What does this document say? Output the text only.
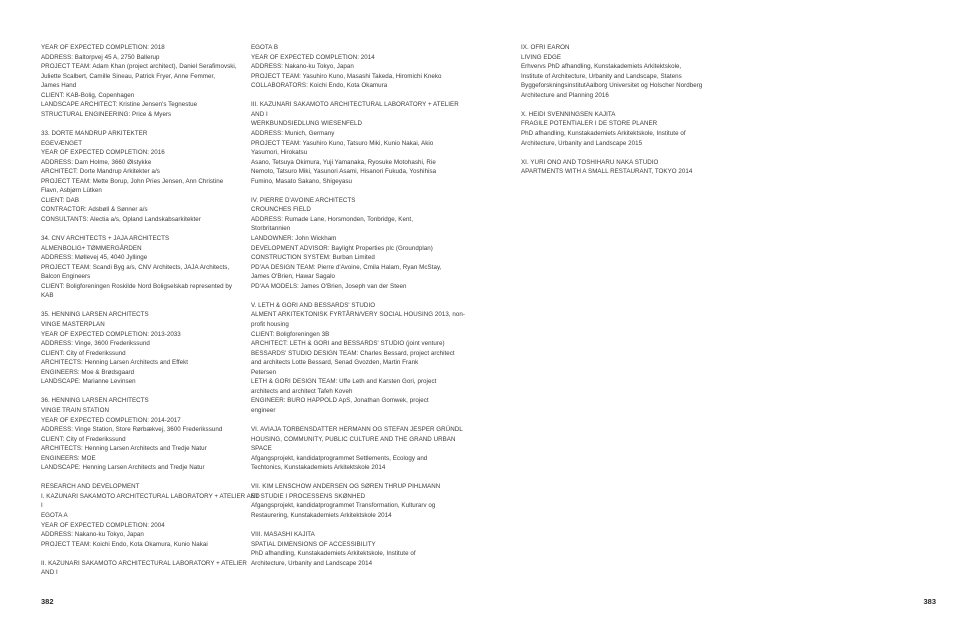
YEAR OF EXPECTED COMPLETION: 2018
ADDRESS: Baltorpvej 45 A, 2750 Ballerup
PROJECT TEAM: Adam Khan (project architect), Daniel Serafimovski,
Juliette Scalbert, Camille Sineau, Patrick Fryer, Anne Femmer,
James Hand
CLIENT: KAB-Bolig, Copenhagen
LANDSCAPE ARCHITECT: Kristine Jensen's Tegnestue
STRUCTURAL ENGINEERING: Price & Myers
33. DORTE MANDRUP ARKITEKTER
EGEVÆNGET
YEAR OF EXPECTED COMPLETION: 2016
ADDRESS: Dam Holme, 3660 Ølstykke
ARCHITECT: Dorte Mandrup Arkitekter a/s
PROJECT TEAM: Mette Borup, John Pries Jensen, Ann Christine
Flavn, Asbjørn Lütken
CLIENT: DAB
CONTRACTOR: Adsbøll & Sønner a/s
CONSULTANTS: Alectia a/s, Opland Landskabsarkitekter
34. CNV ARCHITECTS + JAJA ARCHITECTS
ALMENBOLIG+ TØMMERGÅRDEN
ADDRESS: Møllevej 45, 4040 Jyllinge
PROJECT TEAM: Scandi Byg a/s, CNV Architects, JAJA Architects,
Balcon Engineers
CLIENT: Boligforeningen Roskilde Nord Boligselskab represented by
KAB
35. HENNING LARSEN ARCHITECTS
VINGE MASTERPLAN
YEAR OF EXPECTED COMPLETION: 2013-2033
ADDRESS: Vinge, 3600 Frederikssund
CLIENT: City of Frederikssund
ARCHITECTS: Henning Larsen Architects and Effekt
ENGINEERS: Moe & Brødsgaard
LANDSCAPE: Marianne Levinsen
36. HENNING LARSEN ARCHITECTS
VINGE TRAIN STATION
YEAR OF EXPECTED COMPLETION: 2014-2017
ADDRESS: Vinge Station, Store Rørbækvej, 3600 Frederikssund
CLIENT: City of Frederikssund
ARCHITECTS: Henning Larsen Architects and Tredje Natur
ENGINEERS: MOE
LANDSCAPE: Henning Larsen Architects and Tredje Natur
RESEARCH AND DEVELOPMENT
I. KAZUNARI SAKAMOTO ARCHITECTURAL LABORATORY + ATELIER AND
I
EGOTA A
YEAR OF EXPECTED COMPLETION: 2004
ADDRESS: Nakano-ku Tokyo, Japan
PROJECT TEAM: Koichi Endo, Kota Okamura, Kunio Nakai
II. KAZUNARI SAKAMOTO ARCHITECTURAL LABORATORY + ATELIER
AND I
EGOTA B
YEAR OF EXPECTED COMPLETION: 2014
ADDRESS: Nakano-ku Tokyo, Japan
PROJECT TEAM: Yasuhiro Kuno, Masashi Takeda, Hiromichi Kneko
COLLABORATORS: Koichi Endo, Kota Okamura
III. KAZUNARI SAKAMOTO ARCHITECTURAL LABORATORY + ATELIER
AND I
WERKBUNDSIEDLUNG WIESENFELD
ADDRESS: Munich, Germany
PROJECT TEAM: Yasuhiro Kuno, Tatsuro Miki, Kunio Nakai, Akio
Yasumori, Hirokatsu
Asano, Tetsuya Okimura, Yuji Yamanaka, Ryosuke Motohashi, Rie
Nemoto, Tatsuro Miki, Yasunori Asami, Hisanori Fukuda, Yoshihisa
Fumino, Masato Sakano, Shigeyasu
IV. PIERRE D'AVOINE ARCHITECTS
CROUNCHES FIELD
ADDRESS: Rumade Lane, Horsmonden, Tonbridge, Kent,
Storbritannien
LANDOWNER: John Wickham
DEVELOPMENT ADVISOR: Baylight Properties plc (Groundplan)
CONSTRUCTION SYSTEM: Burban Limited
PD'AA DESIGN TEAM: Pierre d'Avoine, Cmila Halam, Ryan McStay,
James O'Brien, Hawar Sagalo
PD'AA MODELS: James O'Brien, Joseph van der Steen
V. LETH & GORI AND BESSARDS' STUDIO
ALMENT ARKITEKTONISK FYRTÅRN/VERY SOCIAL HOUSING 2013, non-
profit housing
CLIENT: Boligforeningen 3B
ARCHITECT: LETH & GORI and BESSARDS' STUDIO (joint venture)
BESSARDS' STUDIO DESIGN TEAM: Charles Bessard, project architect
and architects Lotte Bessard, Senad Gvozden, Martin Frank
Petersen
LETH & GORI DESIGN TEAM: Uffe Leth and Karsten Gori, project
architects and architect Tafeh Koveh
ENGINEER: BURO HAPPOLD ApS, Jonathan Gomwek, project
engineer
VI. AVIAJA TORBENSDATTER HERMANN OG STEFAN JESPER GRÜNDL
HOUSING, COMMUNITY, PUBLIC CULTURE AND THE GRAND URBAN
SPACE
Afgangsprojekt, kandidatprogrammet Settlements, Ecology and
Techtonics, Kunstakademiets Arkitektskole 2014
VII. KIM LENSCHOW ANDERSEN OG SØREN THRUP PIHLMANN
ET STUDIE I PROCESSENS SKØNHED
Afgangsprojekt, kandidatprogrammet Transformation, Kulturarv og
Restaurering, Kunstakademiets Arkitektskole 2014
VIII. MASASHI KAJITA
SPATIAL DIMENSIONS OF ACCESSIBILITY
PhD afhandling, Kunstakademiets Arkitektskole, Institute of
Architecture, Urbanity and Landscape 2014
IX. OFRI EARON
LIVING EDGE
Erhvervs PhD afhandling, Kunstakademiets Arkitektskole,
Institute of Architecture, Urbanity and Landscape, Statens
ByggeforskningsinstitutAalborg Universitet og Holscher Nordberg
Architecture and Planning 2016
X. HEIDI SVENNINGSEN KAJITA
FRAGILE POTENTIALER I DE STORE PLANER
PhD afhandling, Kunstakademiets Arkitektskole, Institute of
Architecture, Urbanity and Landscape 2015
XI. YURI ONO AND TOSHIHARU NAKA STUDIO
APARTMENTS WITH A SMALL RESTAURANT, TOKYO 2014
382	383
